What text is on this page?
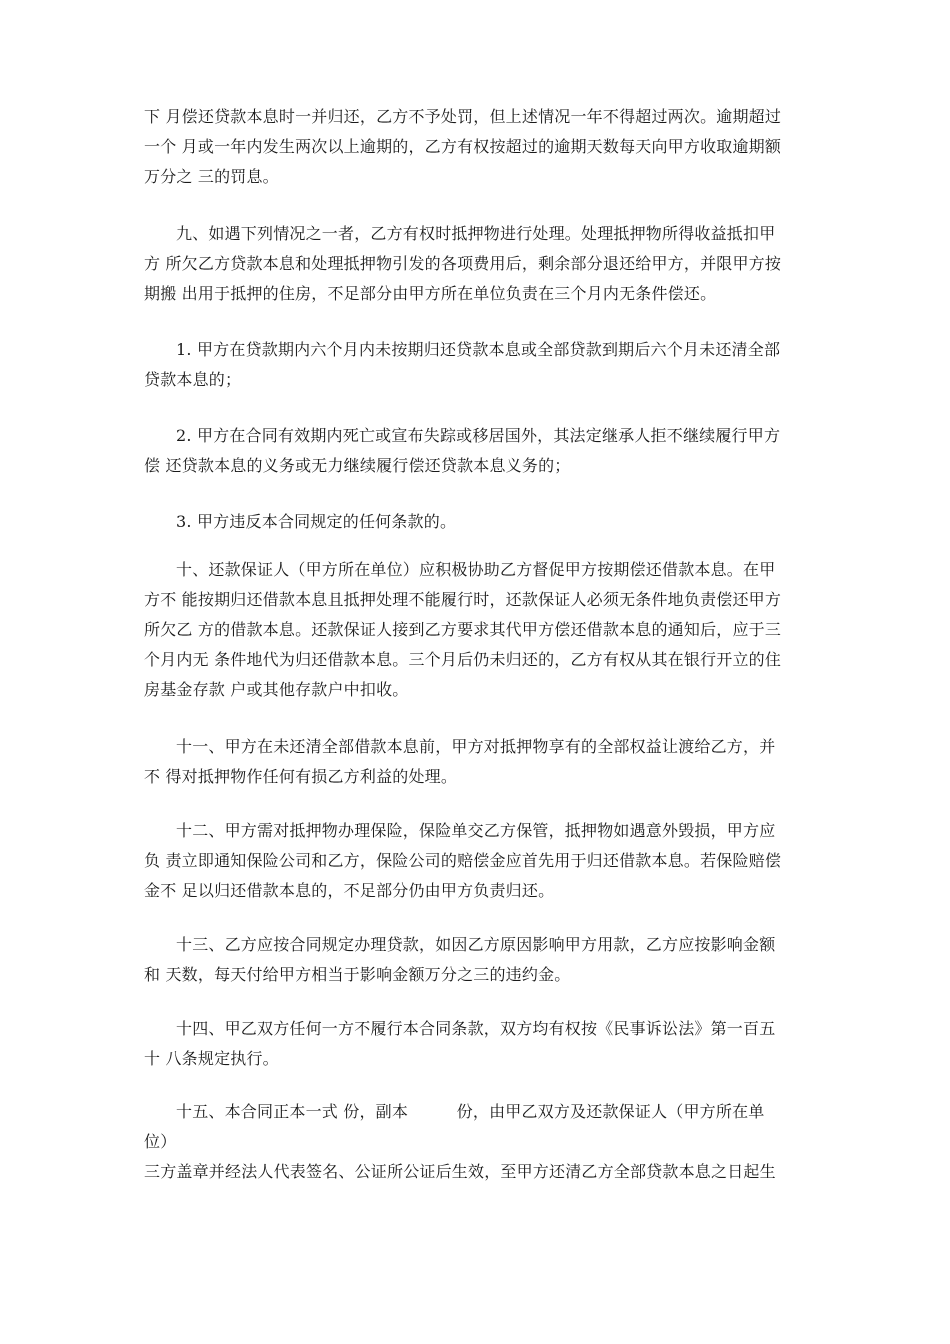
下 月偿还贷款本息时一并归还，乙方不予处罚，但上述情况一年不得超过两次。逾期超过
一个 月或一年内发生两次以上逾期的，乙方有权按超过的逾期天数每天向甲方收取逾期额
万分之 三的罚息。
九、如遇下列情况之一者，乙方有权时抵押物进行处理。处理抵押物所得收益抵扣甲
方 所欠乙方贷款本息和处理抵押物引发的各项费用后，剩余部分退还给甲方，并限甲方按
期搬 出用于抵押的住房，不足部分由甲方所在单位负责在三个月内无条件偿还。
1. 甲方在贷款期内六个月内未按期归还贷款本息或全部贷款到期后六个月未还清全部
贷款本息的；
2. 甲方在合同有效期内死亡或宣布失踪或移居国外，其法定继承人拒不继续履行甲方
偿 还贷款本息的义务或无力继续履行偿还贷款本息义务的；
3. 甲方违反本合同规定的任何条款的。
十、还款保证人（甲方所在单位）应积极协助乙方督促甲方按期偿还借款本息。在甲
方不 能按期归还借款本息且抵押处理不能履行时，还款保证人必须无条件地负责偿还甲方
所欠乙 方的借款本息。还款保证人接到乙方要求其代甲方偿还借款本息的通知后，应于三
个月内无 条件地代为归还借款本息。三个月后仍未归还的，乙方有权从其在银行开立的住
房基金存款 户或其他存款户中扣收。
十一、甲方在未还清全部借款本息前，甲方对抵押物享有的全部权益让渡给乙方，并
不 得对抵押物作任何有损乙方利益的处理。
十二、甲方需对抵押物办理保险，保险单交乙方保管，抵押物如遇意外毁损，甲方应
负 责立即通知保险公司和乙方，保险公司的赔偿金应首先用于归还借款本息。若保险赔偿
金不 足以归还借款本息的，不足部分仍由甲方负责归还。
十三、乙方应按合同规定办理贷款，如因乙方原因影响甲方用款，乙方应按影响金额
和 天数，每天付给甲方相当于影响金额万分之三的违约金。
十四、甲乙双方任何一方不履行本合同条款，双方均有权按《民事诉讼法》第一百五
十 八条规定执行。
十五、本合同正本一式 份，副本　　　份，由甲乙双方及还款保证人（甲方所在单
位）
三方盖章并经法人代表签名、公证所公证后生效，至甲方还清乙方全部贷款本息之日起生
